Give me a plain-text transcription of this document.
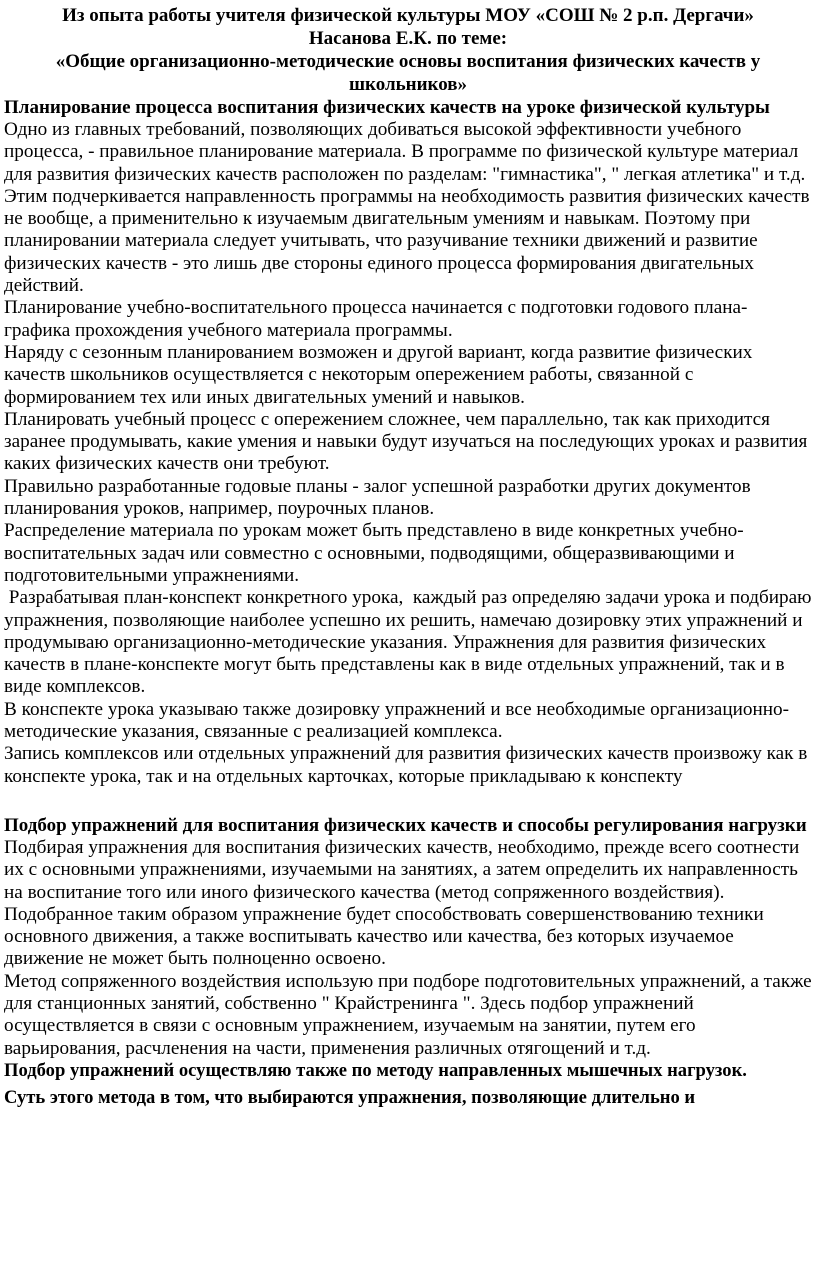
Из опыта работы учителя физической культуры МОУ «СОШ № 2 р.п. Дергачи»

Насанова Е.К. по теме:

«Общие организационно-методические основы воспитания физических качеств у школьников»

Планирование процесса воспитания физических качеств на уроке физической культуры

Одно из главных требований, позволяющих добиваться высокой эффективности учебного процесса, - правильное планирование материала. В программе по физической культуре материал для развития физических качеств расположен по разделам: "гимнастика", " легкая атлетика" и т.д. Этим подчеркивается направленность программы на необходимость развития физических качеств не вообще, а применительно к изучаемым двигательным умениям и навыкам. Поэтому при планировании материала следует учитывать, что разучивание техники движений и развитие физических качеств - это лишь две стороны единого процесса формирования двигательных действий.

Планирование учебно-воспитательного процесса начинается с подготовки годового плана-графика прохождения учебного материала программы.

Наряду с сезонным планированием возможен и другой вариант, когда развитие физических качеств школьников осуществляется с некоторым опережением работы, связанной с формированием тех или иных двигательных умений и навыков.

Планировать учебный процесс с опережением сложнее, чем параллельно, так как приходится заранее продумывать, какие умения и навыки будут изучаться на последующих уроках и развития каких физических качеств они требуют.

Правильно разработанные годовые планы - залог успешной разработки других документов планирования уроков, например, поурочных планов.

Распределение материала по урокам может быть представлено в виде конкретных учебно-воспитательных задач или совместно с основными, подводящими, общеразвивающими и подготовительными упражнениями.

Разрабатывая план-конспект конкретного урока,  каждый раз определяю задачи урока и подбираю упражнения, позволяющие наиболее успешно их решить, намечаю дозировку этих упражнений и продумываю организационно-методические указания. Упражнения для развития физических качеств в плане-конспекте могут быть представлены как в виде отдельных упражнений, так и в виде комплексов.

В конспекте урока указываю также дозировку упражнений и все необходимые организационно-методические указания, связанные с реализацией комплекса.

Запись комплексов или отдельных упражнений для развития физических качеств произвожу как в конспекте урока, так и на отдельных карточках, которые прикладываю к конспекту

Подбор упражнений для воспитания физических качеств и способы регулирования нагрузки

Подбирая упражнения для воспитания физических качеств, необходимо, прежде всего соотнести их с основными упражнениями, изучаемыми на занятиях, а затем определить их направленность на воспитание того или иного физического качества (метод сопряженного воздействия). Подобранное таким образом упражнение будет способствовать совершенствованию техники основного движения, а также воспитывать качество или качества, без которых изучаемое движение не может быть полноценно освоено.

Метод сопряженного воздействия использую при подборе подготовительных упражнений, а также для станционных занятий, собственно " Крайстренинга ". Здесь подбор упражнений осуществляется в связи с основным упражнением, изучаемым на занятии, путем его варьирования, расчленения на части, применения различных отягощений и т.д.

Подбор упражнений осуществляю также по методу направленных мышечных нагрузок.

Суть этого метода в том, что выбираются упражнения, позволяющие длительно и
